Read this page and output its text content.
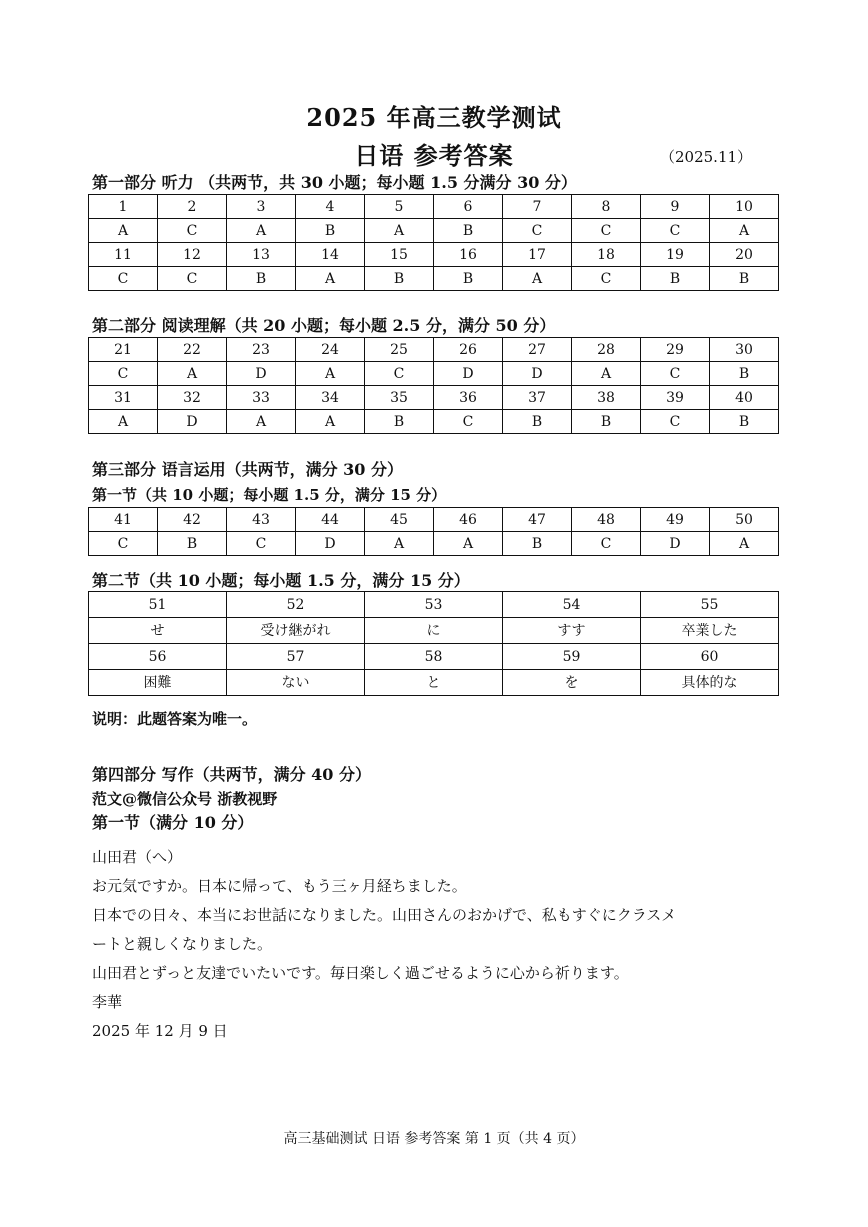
2025 年高三教学测试
日语 参考答案	（2025.11）
第一部分 听力 （共两节，共 30 小题；每小题 1.5 分满分 30 分）
1	2	3	4	5	6	7	8	9	10
A	C	A	B	A	B	C	C	C	A
11	12	13	14	15	16	17	18	19	20
C	C	B	A	B	B	A	C	B	B
第二部分 阅读理解（共 20 小题；每小题 2.5 分，满分 50 分）
21	22	23	24	25	26	27	28	29	30
C	A	D	A	C	D	D	A	C	B
31	32	33	34	35	36	37	38	39	40
A	D	A	A	B	C	B	B	C	B
第三部分 语言运用（共两节，满分 30 分）
第一节（共 10 小题；每小题 1.5 分，满分 15 分）
41	42	43	44	45	46	47	48	49	50
C	B	C	D	A	A	B	C	D	A
第二节（共 10 小题；每小题 1.5 分，满分 15 分）
51	52	53	54	55
せ	受け継がれ	に	すす	卒業した
56	57	58	59	60
困難	ない	と	を	具体的な
说明：此题答案为唯一。
第四部分 写作（共两节，满分 40 分）
范文@微信公众号 浙教视野
第一节（满分 10 分）
山田君（へ）
お元気ですか。日本に帰って、もう三ヶ月経ちました。
日本での日々、本当にお世話になりました。山田さんのおかげで、私もすぐにクラスメ
ートと親しくなりました。
山田君とずっと友達でいたいです。毎日楽しく過ごせるように心から祈ります。
李華
2025 年 12 月 9 日
高三基础测试 日语 参考答案 第 1 页（共 4 页）
